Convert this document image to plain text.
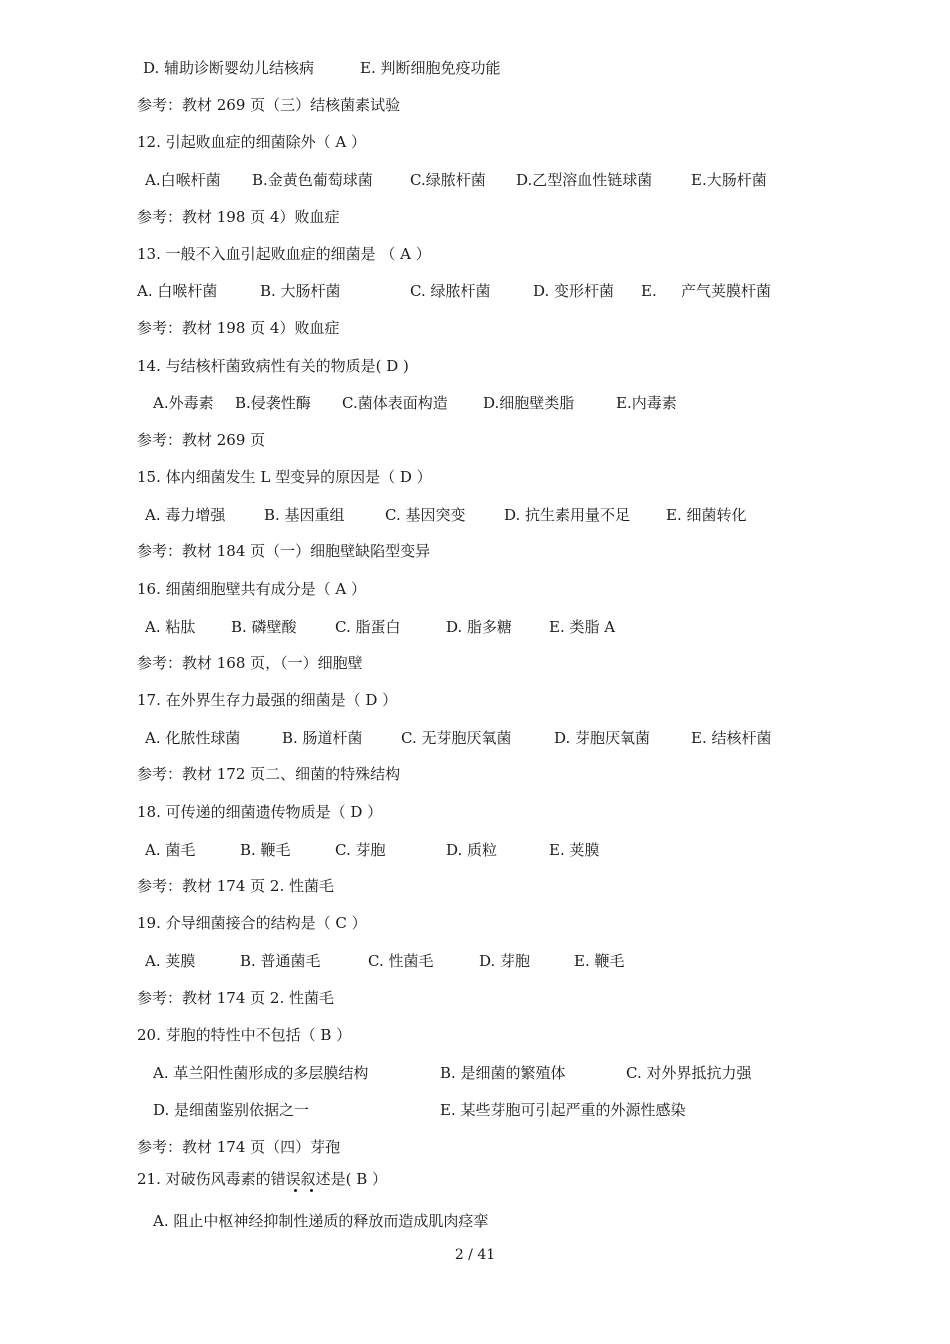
D. 辅助诊断婴幼儿结核病	E. 判断细胞免疫功能
参考：教材 269 页（三）结核菌素试验
12. 引起败血症的细菌除外（ A ）
A.白喉杆菌 B.金黄色葡萄球菌 C.绿脓杆菌 D.乙型溶血性链球菌	E.大肠杆菌
参考：教材 198 页 4）败血症
13. 一般不入血引起败血症的细菌是 （ A ）
A. 白喉杆菌	B. 大肠杆菌	C. 绿脓杆菌	D. 变形杆菌 E. 产气荚膜杆菌
参考：教材 198 页 4）败血症
14. 与结核杆菌致病性有关的物质是( D )
A.外毒素 B.侵袭性酶 C.菌体表面构造 D.细胞壁类脂	E.内毒素
参考：教材 269 页
15. 体内细菌发生 L 型变异的原因是（ D ）
A. 毒力增强	B. 基因重组	C. 基因突变	D. 抗生素用量不足 E. 细菌转化
参考：教材 184 页（一）细胞壁缺陷型变异
16. 细菌细胞壁共有成分是（ A ）
A. 粘肽 B. 磷壁酸	C. 脂蛋白	D. 脂多糖 E. 类脂 A
参考：教材 168 页，（一）细胞壁
17. 在外界生存力最强的细菌是（ D ）
A. 化脓性球菌	B. 肠道杆菌	C. 无芽胞厌氧菌	D. 芽胞厌氧菌	E. 结核杆菌
参考：教材 172 页二、细菌的特殊结构
18. 可传递的细菌遗传物质是（ D ）
A. 菌毛	B. 鞭毛	C. 芽胞	D. 质粒	E. 荚膜
参考：教材 174 页 2. 性菌毛
19. 介导细菌接合的结构是（ C ）
A. 荚膜	B. 普通菌毛	C. 性菌毛	D. 芽胞	E. 鞭毛
参考：教材 174 页 2. 性菌毛
20. 芽胞的特性中不包括（ B ）
A. 革兰阳性菌形成的多层膜结构	B. 是细菌的繁殖体	C. 对外界抵抗力强
D. 是细菌鉴别依据之一	E. 某些芽胞可引起严重的外源性感染
参考：教材 174 页（四）芽孢
21. 对破伤风毒素的错误叙述是( B ）
A. 阻止中枢神经抑制性递质的释放而造成肌肉痉挛
2 / 41
